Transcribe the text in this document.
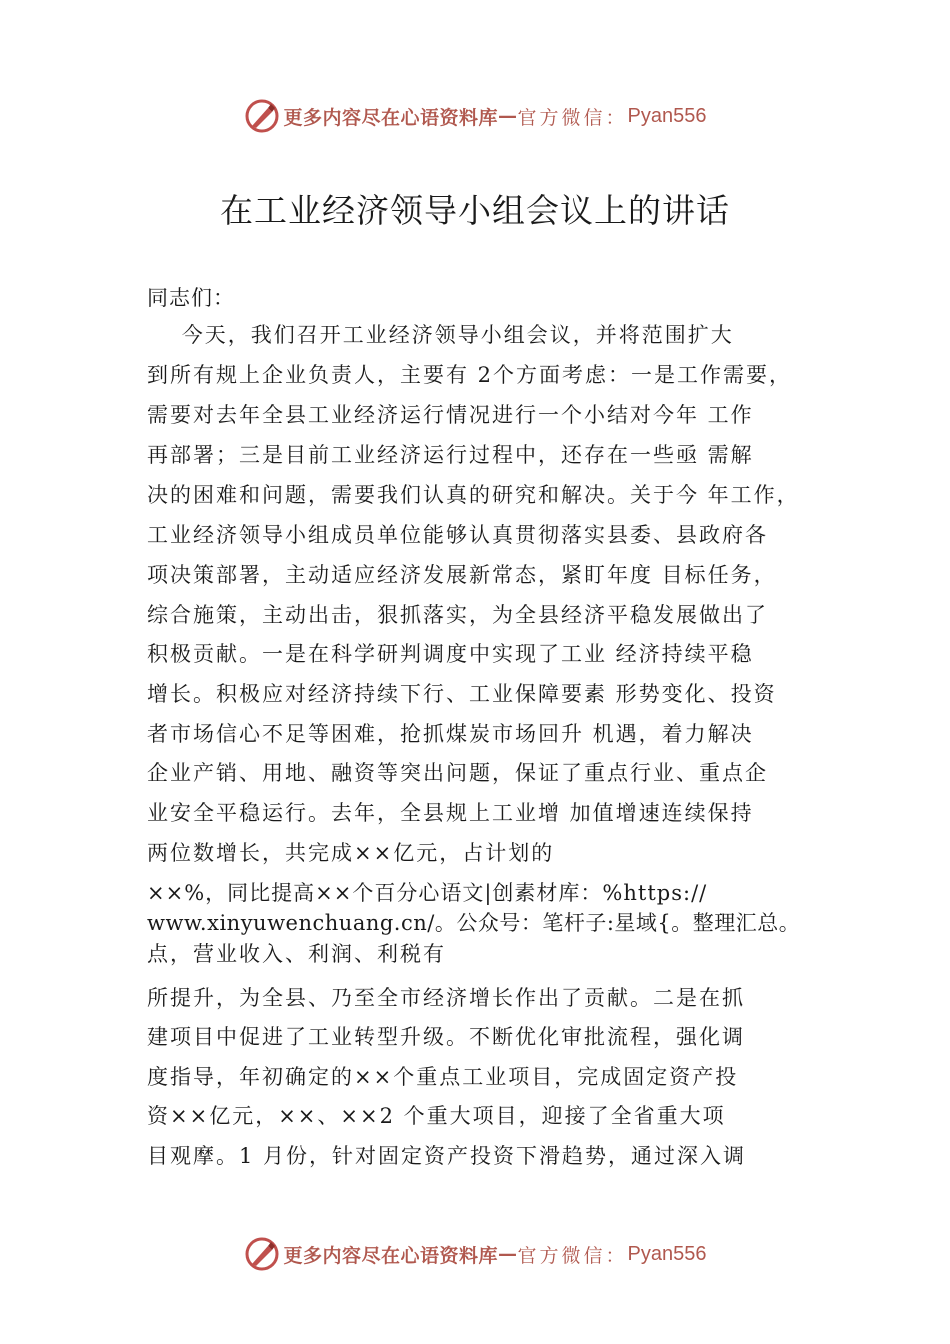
更多内容尽在心语资料库 — 官方微信： Pyan556
在工业经济领导小组会议上的讲话
同志们：
今天，我们召开工业经济领导小组会议，并将范围扩大
到所有规上企业负责人，主要有 2个方面考虑：一是工作需要，
需要对去年全县工业经济运行情况进行一个小结对今年 工作
再部署；三是目前工业经济运行过程中，还存在一些亟 需解
决的困难和问题，需要我们认真的研究和解决。关于今 年工作，
工业经济领导小组成员单位能够认真贯彻落实县委、县政府各
项决策部署，主动适应经济发展新常态，紧盯年度 目标任务，
综合施策，主动出击，狠抓落实，为全县经济平稳发展做出了
积极贡献。一是在科学研判调度中实现了工业 经济持续平稳
增长。积极应对经济持续下行、工业保障要素 形势变化、投资
者市场信心不足等困难，抢抓煤炭市场回升 机遇，着力解决
企业产销、用地、融资等突出问题，保证了重点行业、重点企
业安全平稳运行。去年，全县规上工业增 加值增速连续保持
两位数增长，共完成××亿元，占计划的
××%，同比提高××个百分心语文|创素材库：%https://
www.xinyuwenchuang.cn/。公众号：笔杆子:星域{。整理汇总。
点，营业收入、利润、利税有
所提升，为全县、乃至全市经济增长作出了贡献。二是在抓
建项目中促进了工业转型升级。不断优化审批流程，强化调
度指导，年初确定的××个重点工业项目，完成固定资产投
资××亿元，××、××2 个重大项目，迎接了全省重大项
目观摩。1 月份，针对固定资产投资下滑趋势，通过深入调
更多内容尽在心语资料库 — 官方微信： Pyan556
